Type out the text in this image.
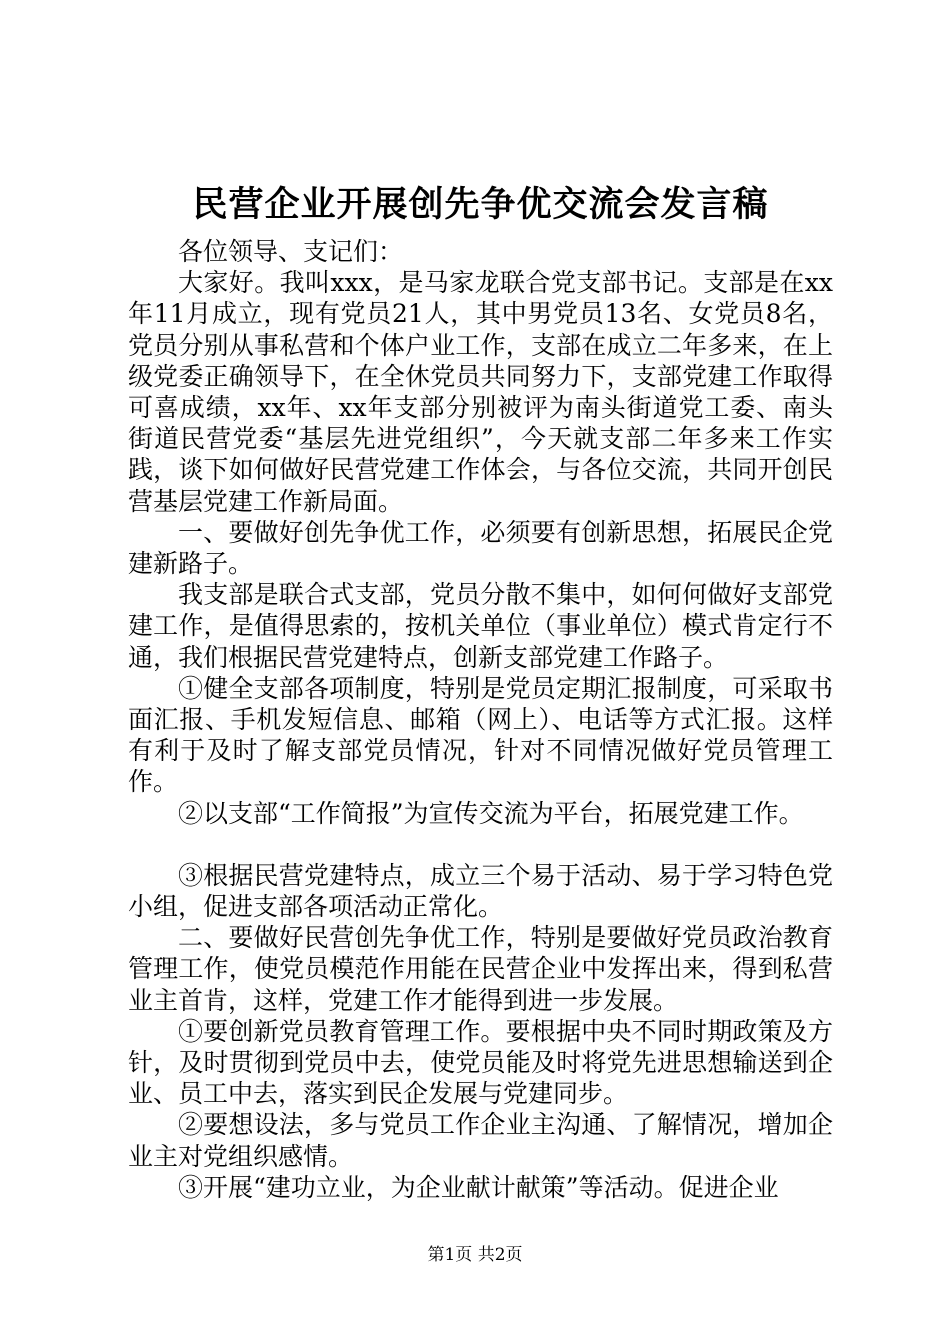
民营企业开展创先争优交流会发言稿

各位领导、支记们：

大家好。我叫xxx，是马家龙联合党支部书记。支部是在xx年11月成立，现有党员21人，其中男党员13名、女党员8名，党员分别从事私营和个体户业工作，支部在成立二年多来，在上级党委正确领导下，在全休党员共同努力下，支部党建工作取得可喜成绩，xx年、xx年支部分别被评为南头街道党工委、南头街道民营党委“基层先进党组织”，今天就支部二年多来工作实践，谈下如何做好民营党建工作体会，与各位交流，共同开创民营基层党建工作新局面。

一、要做好创先争优工作，必须要有创新思想，拓展民企党建新路子。

我支部是联合式支部，党员分散不集中，如何何做好支部党建工作，是值得思索的，按机关单位（事业单位）模式肯定行不通，我们根据民营党建特点，创新支部党建工作路子。

①健全支部各项制度，特别是党员定期汇报制度，可采取书面汇报、手机发短信息、邮箱（网上）、电话等方式汇报。这样有利于及时了解支部党员情况，针对不同情况做好党员管理工作。

②以支部“工作简报”为宣传交流为平台，拓展党建工作。

③根据民营党建特点，成立三个易于活动、易于学习特色党小组，促进支部各项活动正常化。

二、要做好民营创先争优工作，特别是要做好党员政治教育管理工作，使党员模范作用能在民营企业中发挥出来，得到私营业主首肯，这样，党建工作才能得到进一步发展。

①要创新党员教育管理工作。要根据中央不同时期政策及方针，及时贯彻到党员中去，使党员能及时将党先进思想输送到企业、员工中去，落实到民企发展与党建同步。

②要想设法，多与党员工作企业主沟通、了解情况，增加企业主对党组织感情。

③开展“建功立业，为企业献计献策”等活动。促进企业

第1页 共2页
